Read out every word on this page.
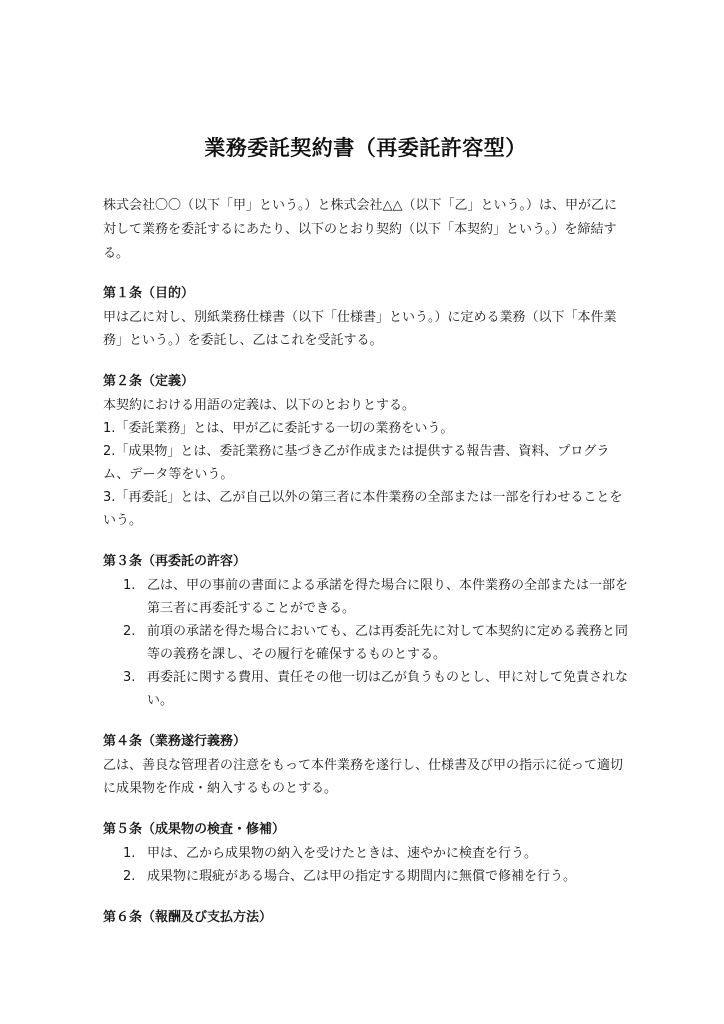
業務委託契約書（再委託許容型）

株式会社〇〇（以下「甲」という。）と株式会社△△（以下「乙」という。）は、甲が乙に対して業務を委託するにあたり、以下のとおり契約（以下「本契約」という。）を締結する。

第１条（目的）

甲は乙に対し、別紙業務仕様書（以下「仕様書」という。）に定める業務（以下「本件業務」という。）を委託し、乙はこれを受託する。

第２条（定義）

本契約における用語の定義は、以下のとおりとする。

1.「委託業務」とは、甲が乙に委託する一切の業務をいう。

2.「成果物」とは、委託業務に基づき乙が作成または提供する報告書、資料、プログラム、データ等をいう。

3.「再委託」とは、乙が自己以外の第三者に本件業務の全部または一部を行わせることをいう。

第３条（再委託の許容）
1. 乙は、甲の事前の書面による承諾を得た場合に限り、本件業務の全部または一部を第三者に再委託することができる。
2. 前項の承諾を得た場合においても、乙は再委託先に対して本契約に定める義務と同等の義務を課し、その履行を確保するものとする。
3. 再委託に関する費用、責任その他一切は乙が負うものとし、甲に対して免責されない。
第４条（業務遂行義務）

乙は、善良な管理者の注意をもって本件業務を遂行し、仕様書及び甲の指示に従って適切に成果物を作成・納入するものとする。

第５条（成果物の検査・修補）
1. 甲は、乙から成果物の納入を受けたときは、速やかに検査を行う。
2. 成果物に瑕疵がある場合、乙は甲の指定する期間内に無償で修補を行う。
第６条（報酬及び支払方法）
